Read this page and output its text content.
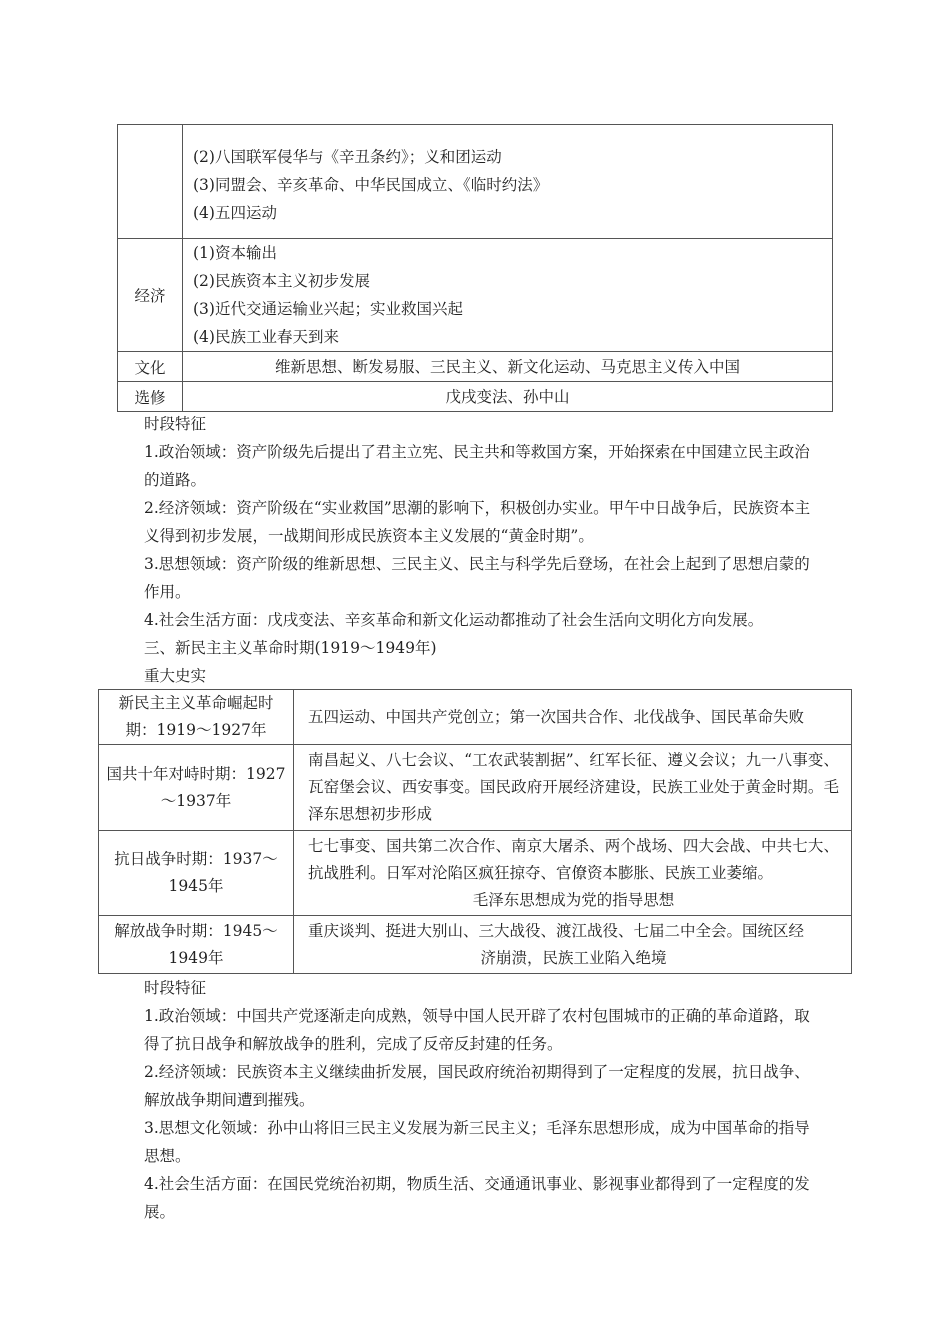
	(2)八国联军侵华与《辛丑条约》；义和团运动
(3)同盟会、辛亥革命、中华民国成立、《临时约法》
(4)五四运动

经济	(1)资本输出
(2)民族资本主义初步发展
(3)近代交通运输业兴起；实业救国兴起
(4)民族工业春天到来

文化	维新思想、断发易服、三民主义、新文化运动、马克思主义传入中国
选修	戊戌变法、孙中山
时段特征

1.政治领域：资产阶级先后提出了君主立宪、民主共和等救国方案，开始探索在中国建立民主政治的道路。

2.经济领域：资产阶级在“实业救国”思潮的影响下，积极创办实业。甲午中日战争后，民族资本主义得到初步发展，一战期间形成民族资本主义发展的“黄金时期”。

3.思想领域：资产阶级的维新思想、三民主义、民主与科学先后登场，在社会上起到了思想启蒙的作用。

4.社会生活方面：戊戌变法、辛亥革命和新文化运动都推动了社会生活向文明化方向发展。

三、新民主主义革命时期(1919～1949年)
重大史实
新民主主义革命崛起时期：1919～1927年	五四运动、中国共产党创立；第一次国共合作、北伐战争、国民革命失败
国共十年对峙时期：1927～1937年	南昌起义、八七会议、“工农武装割据”、红军长征、遵义会议；九一八事变、瓦窑堡会议、西安事变。国民政府开展经济建设，民族工业处于黄金时期。毛泽东思想初步形成
抗日战争时期：1937～1945年	七七事变、国共第二次合作、南京大屠杀、两个战场、四大会战、中共七大、抗战胜利。日军对沦陷区疯狂掠夺、官僚资本膨胀、民族工业萎缩。
毛泽东思想成为党的指导思想

解放战争时期：1945～1949年	重庆谈判、挺进大别山、三大战役、渡江战役、七届二中全会。国统区经
济崩溃，民族工业陷入绝境
时段特征

1.政治领域：中国共产党逐渐走向成熟，领导中国人民开辟了农村包围城市的正确的革命道路，取得了抗日战争和解放战争的胜利，完成了反帝反封建的任务。

2.经济领域：民族资本主义继续曲折发展，国民政府统治初期得到了一定程度的发展，抗日战争、解放战争期间遭到摧残。

3.思想文化领域：孙中山将旧三民主义发展为新三民主义；毛泽东思想形成，成为中国革命的指导思想。

4.社会生活方面：在国民党统治初期，物质生活、交通通讯事业、影视事业都得到了一定程度的发展。
